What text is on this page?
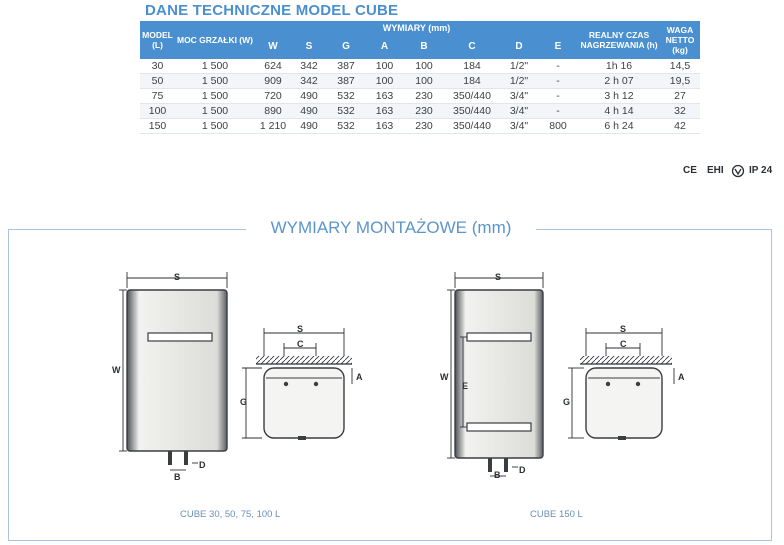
DANE TECHNICZNE MODEL CUBE
MODEL (L)	MOC GRZAŁKI (W)	WYMIARY (mm)								REALNY CZAS NAGRZEWANIA (h)	WAGA NETTO (kg)
		W	S	G	A	B	C	D	E		
30	1 500	624	342	387	100	100	184	1/2"	-	1h 16	14,5
50	1 500	909	342	387	100	100	184	1/2"	-	2 h 07	19,5
75	1 500	720	490	532	163	230	350/440	3/4"	-	3 h 12	27
100	1 500	890	490	532	163	230	350/440	3/4"	-	4 h 14	32
150	1 500	1 210	490	532	163	230	350/440	3/4"	800	6 h 24	42
CE EHI	IP 24
WYMIARY MONTAŻOWE (mm)
S
W
B
D
S
C
G
A
S
W
E
B D
S
C
G
A
CUBE 30, 50, 75, 100 L	CUBE 150 L
